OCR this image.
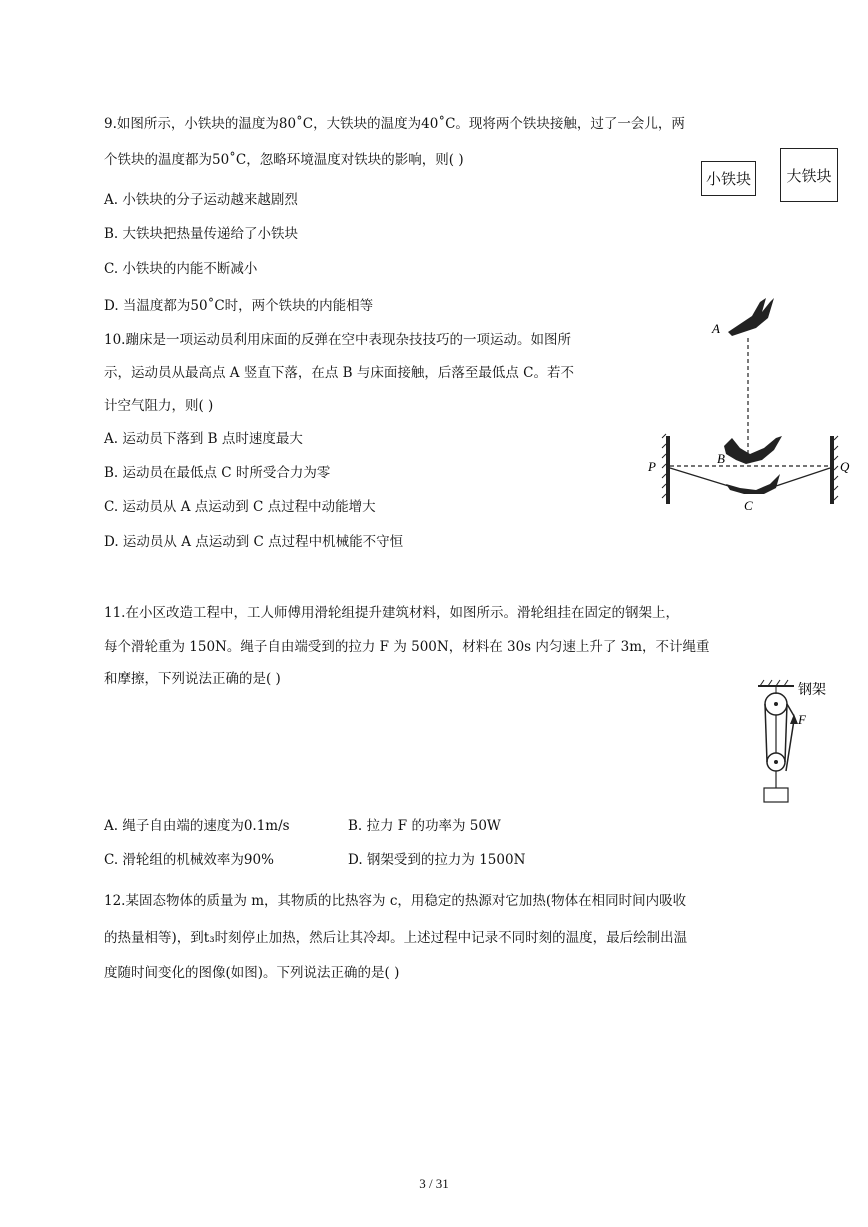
9.如图所示，小铁块的温度为80˚C，大铁块的温度为40˚C。现将两个铁块接触，过了一会儿，两
个铁块的温度都为50˚C，忽略环境温度对铁块的影响，则( )
A. 小铁块的分子运动越来越剧烈
B. 大铁块把热量传递给了小铁块
C. 小铁块的内能不断减小
D. 当温度都为50˚C时，两个铁块的内能相等
小铁块	大铁块
10.蹦床是一项运动员利用床面的反弹在空中表现杂技技巧的一项运动。如图所
示，运动员从最高点 A 竖直下落，在点 B 与床面接触，后落至最低点 C。若不
计空气阻力，则( )
A. 运动员下落到 B 点时速度最大
B. 运动员在最低点 C 时所受合力为零
C. 运动员从 A 点运动到 C 点过程中动能增大
D. 运动员从 A 点运动到 C 点过程中机械能不守恒
A
P	Q
B
C
11.在小区改造工程中，工人师傅用滑轮组提升建筑材料，如图所示。滑轮组挂在固定的钢架上，
每个滑轮重为 150N。绳子自由端受到的拉力 F 为 500N，材料在 30s 内匀速上升了 3m，不计绳重
和摩擦，下列说法正确的是( )
A. 绳子自由端的速度为0.1m/s	B. 拉力 F 的功率为 50W
C. 滑轮组的机械效率为90%	D. 钢架受到的拉力为 1500N
钢架
F
12.某固态物体的质量为 m，其物质的比热容为 c，用稳定的热源对它加热(物体在相同时间内吸收
的热量相等)，到t₃时刻停止加热，然后让其冷却。上述过程中记录不同时刻的温度，最后绘制出温
度随时间变化的图像(如图)。下列说法正确的是( )
3 / 31
